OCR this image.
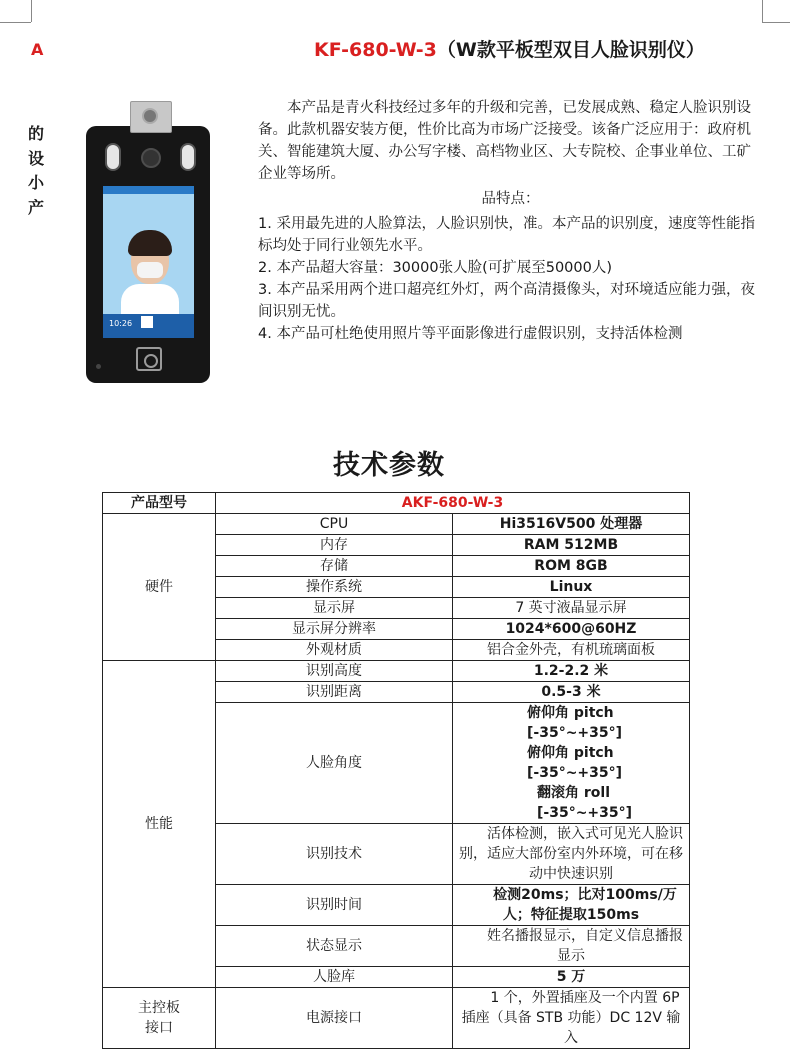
A	KF-680-W-3（W款平板型双目人脸识别仪）
的
设
小
产
10:26

本产品是青火科技经过多年的升级和完善，已发展成熟、稳定人脸识别设备。此款机器安装方便，性价比高为市场广泛接受。该备广泛应用于：政府机关、智能建筑大厦、办公写字楼、高档物业区、大专院校、企事业单位、工矿企业等场所。

品特点：

1. 采用最先进的人脸算法，人脸识别快，准。本产品的识别度，速度等性能指标均处于同行业领先水平。

2. 本产品超大容量：30000张人脸(可扩展至50000人)

3. 本产品采用两个进口超亮红外灯，两个高清摄像头，对环境适应能力强，夜间识别无忧。

4. 本产品可杜绝使用照片等平面影像进行虚假识别，支持活体检测

技术参数
产品型号	AKF-680-W-3	
硬件	CPU	Hi3516V500 处理器
	内存	RAM 512MB
	存储	ROM 8GB
	操作系统	Linux
	显示屏	7 英寸液晶显示屏
	显示屏分辨率	1024*600@60HZ
	外观材质	铝合金外壳，有机琉璃面板
性能	识别高度	1.2-2.2 米
	识别距离	0.5-3 米
	人脸角度	俯仰角 pitch [-35°~+35°]
俯仰角 pitch [-35°~+35°]
翻滚角 roll [-35°~+35°]

	识别技术	活体检测，嵌入式可见光人脸识别，适应大部份室内外环境，可在移动中快速识别
	识别时间	检测20ms；比对100ms/万人；特征提取150ms
	状态显示	姓名播报显示，自定义信息播报显示
	人脸库	5 万

主控板
接口	电源接口	1 个，外置插座及一个内置 6P 插座（具备 STB 功能）DC 12V 输入
